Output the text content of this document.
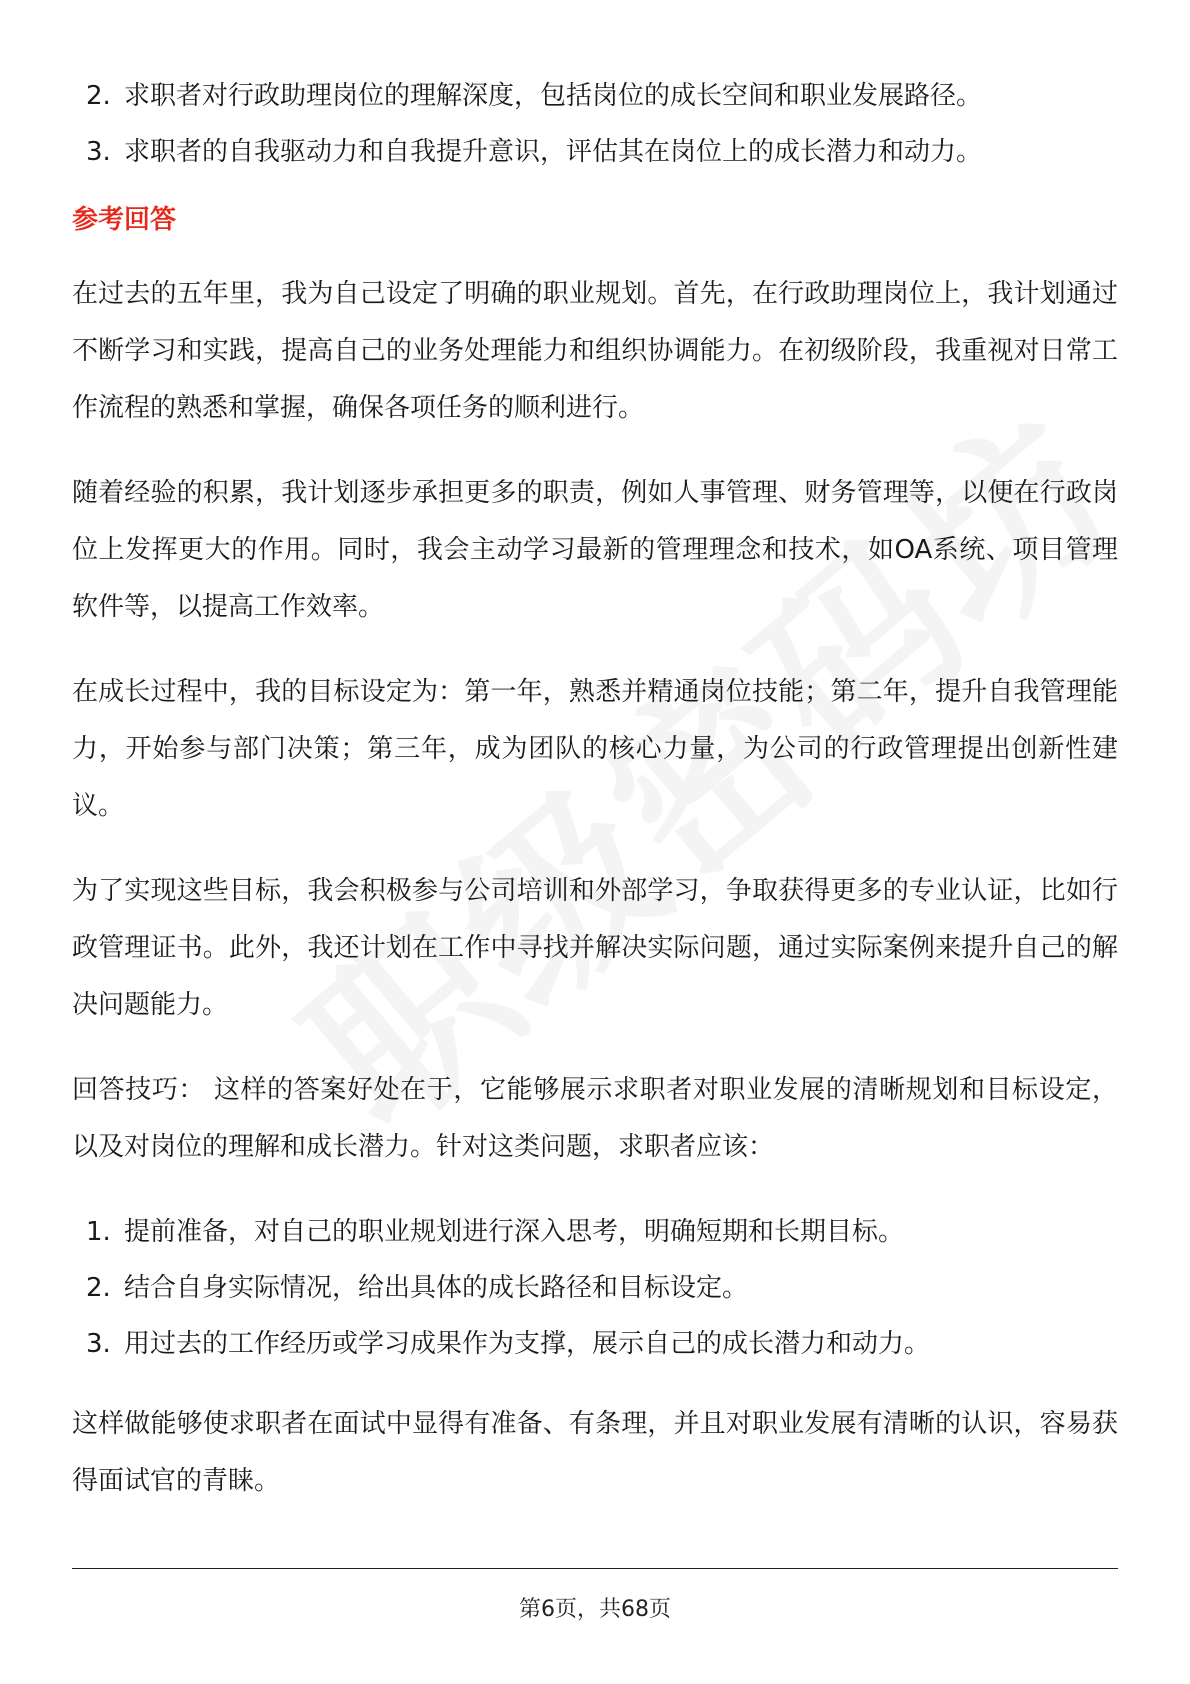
2. 求职者对行政助理岗位的理解深度，包括岗位的成长空间和职业发展路径。
3. 求职者的自我驱动力和自我提升意识，评估其在岗位上的成长潜力和动力。
参考回答

在过去的五年里，我为自己设定了明确的职业规划。首先，在行政助理岗位上，我计划通过不断学习和实践，提高自己的业务处理能力和组织协调能力。在初级阶段，我重视对日常工作流程的熟悉和掌握，确保各项任务的顺利进行。

随着经验的积累，我计划逐步承担更多的职责，例如人事管理、财务管理等，以便在行政岗位上发挥更大的作用。同时，我会主动学习最新的管理理念和技术，如OA系统、项目管理软件等，以提高工作效率。

在成长过程中，我的目标设定为：第一年，熟悉并精通岗位技能；第二年，提升自我管理能力，开始参与部门决策；第三年，成为团队的核心力量，为公司的行政管理提出创新性建议。

为了实现这些目标，我会积极参与公司培训和外部学习，争取获得更多的专业认证，比如行政管理证书。此外，我还计划在工作中寻找并解决实际问题，通过实际案例来提升自己的解决问题能力。

回答技巧： 这样的答案好处在于，它能够展示求职者对职业发展的清晰规划和目标设定，以及对岗位的理解和成长潜力。针对这类问题，求职者应该：

1. 提前准备，对自己的职业规划进行深入思考，明确短期和长期目标。
2. 结合自身实际情况，给出具体的成长路径和目标设定。
3. 用过去的工作经历或学习成果作为支撑，展示自己的成长潜力和动力。

这样做能够使求职者在面试中显得有准备、有条理，并且对职业发展有清晰的认识，容易获得面试官的青睐。

第6页，共68页
